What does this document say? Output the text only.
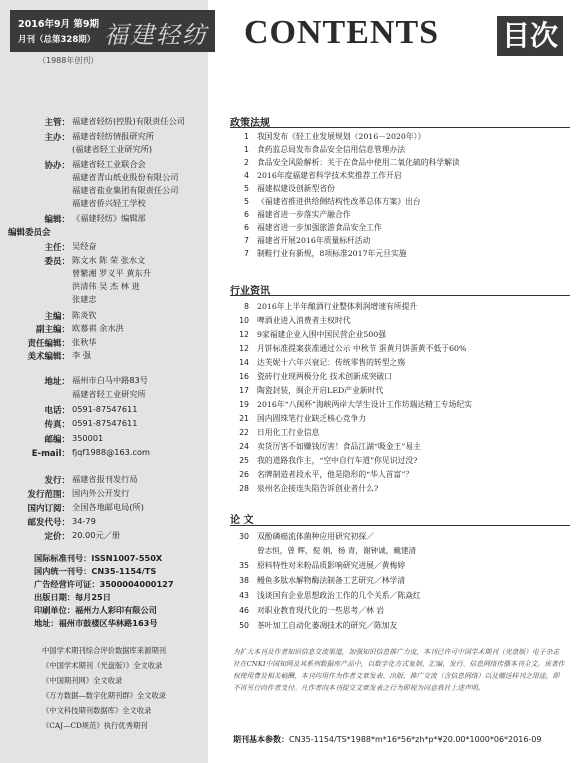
2016年9月 第9期
月刊（总第328期） 福建轻纺
（1988年创刊）
CONTENTS 目次
主管： 福建省轻纺(控股)有限责任公司
主办： 福建省轻纺情报研究所
(福建省轻工业研究所)
协办： 福建省轻工业联合会
福建省青山纸业股份有限公司
福建省盐业集团有限责任公司
福建省侨兴轻工学校
编辑： 《福建轻纺》编辑部
编辑委员会
主任： 吴经奋
委员： 陈文水 陈 荣 张水文
曾繁湘 罗义平 黄东升
洪清伟 吴 杰 林 进
张建忠
主编： 陈炎钦
副主编： 欧慕祺 余水洪
责任编辑： 张秋华
美术编辑： 李 强
地址： 福州市白马中路83号
福建省轻工业研究所
电话： 0591-87547611
传真： 0591-87547611
邮编： 350001
E-mail： fjqf1988@163.com
发行： 福建省报刊发行局
发行范围： 国内外公开发行
国内订阅： 全国各地邮电局(所)
邮发代号： 34-79
定价： 20.00元／册
国际标准刊号：ISSN1007-550X
国内统一刊号：CN35-1154/TS
广告经营许可证：3500004000127
出版日期：每月25日
印刷单位：福州力人彩印有限公司
地址：福州市鼓楼区华林路163号
中国学术期刊综合评价数据库来源期刊
《中国学术期刊（光盘版）》全文收录
《中国期刊网》全文收录
《万方数据—数字化期刊群》全文收录
《中文科技期刊数据库》全文收录
《CAJ—CD规范》执行优秀期刊
政策法规
1 我国发布《轻工业发展规划（2016－2020年）》
1 食药监总局发布食品安全信用信息管理办法
2 食品安全风险解析：关于在食品中使用二氧化硫的科学解读
4 2016年度福建省科学技术奖推荐工作开启
5 福建拟建设创新型省份
5 《福建省推进供给侧结构性改革总体方案》出台
6 福建省进一步落实产融合作
6 福建省进一步加强旅游食品安全工作
7 福建省开展2016年质量标杆活动
7 制鞋行业有新规，8项标准2017年元旦实施
行业资讯
8 2016年上半年酿酒行业整体利润增速有所提升
10 啤酒业进入消费者主权时代
12 9家福建企业入围中国民营企业500强
12 月饼标准提案获准通过公示 中秋节 蛋黄月饼蛋黄不低于60%
14 达芙妮十六年兴衰记：传统零售的转型之殇
16 瓷砖行业现两极分化 技术创新成突破口
17 陶瓷封装，闽企开启LED产业新时代
19 2016年“八闽杯”海峡两岸大学生设计工作坊瑞达精工专场纪实
21 国内圆珠笔行业缺乏核心竞争力
22 日用化工行业信息
24 卖货厉害不如赚钱厉害！食品江湖“吸金王”易主
25 我的道路我作主，“空中自行车道”你见识过没?
26 名牌制造者段永平，他是隐形的“华人首富”？
28 泉州名企接连失陷告诉创业者什么?
论 文
30 双酚磷癌流体菌种应用研究初探／
曾志恒，曾 辉，倪 娟，杨 青，谢钟诚，戴建清
35 原料特性对米粉品质影响研究进展／黄梅婷
38 鳗鱼多肽水解物酶法制备工艺研究／林学清
43 浅谈国有企业思想政治工作的几个关系／陈焱红
46 对职业教育现代化的一些思考／林 岩
50 茶叶加工自动化萎凋技术的研究／陈加友
为扩大本刊及作者知识信息交流渠道，加强知识信息推广力度，本刊已许可中国学术期刊（光盘版）电子杂志社在CNKI中国知网及其系列数据库产品中，以数字化方式复制、汇编、发行、信息网络传播本刊全文。该著作权使用费及相关稿酬，本刊均用作为作者文章发表、出版、推广交流（含信息网络）以及赠送样刊之用途，即不再另行向作者支付。凡作者向本刊提交文章发表之行为即视为同意我社上述声明。
期刊基本参数：CN35-1154/TS*1988*m*16*56*zh*p*¥20.00*1000*06*2016-09
